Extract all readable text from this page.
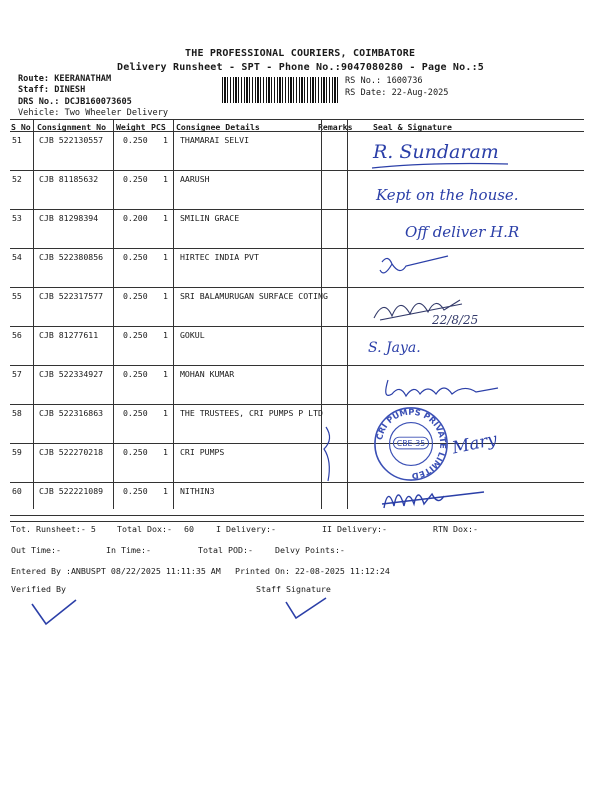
THE PROFESSIONAL COURIERS, COIMBATORE
Delivery Runsheet - SPT - Phone No.:9047080280 - Page No.:5
Route: KEERANATHAM
Staff: DINESH
DRS No.: DCJB160073605
Vehicle: Two Wheeler Delivery
RS No.: 1600736
RS Date: 22-Aug-2025
S No Consignment No Weight PCS Consignee Details	Remarks Seal & Signature
51 CJB 522130557 0.250 1 THAMARAI SELVI
52 CJB 81185632	0.250 1 AARUSH
53 CJB 81298394	0.200 1 SMILIN GRACE
54 CJB 522380856 0.250 1 HIRTEC INDIA PVT
55 CJB 522317577 0.250 1 SRI BALAMURUGAN SURFACE COTING
56 CJB 81277611	0.250 1 GOKUL
57 CJB 522334927 0.250 1 MOHAN KUMAR
58 CJB 522316863 0.250 1 THE TRUSTEES, CRI PUMPS P LTD
59 CJB 522270218 0.250 1 CRI PUMPS
60 CJB 522221089 0.250 1 NITHIN3
R. Sundaram
Kept on the house.
Off deliver H.R
22/8/25
S. Jaya.
CRI PUMPS PRIVATE LIMITED
CBE-35 Mary
Tot. Runsheet:- 5	Total Dox:- 60	I Delivery:-	II Delivery:-	RTN Dox:-
Out Time:-	In Time:-	Total POD:-	Delvy Points:-
Entered By :ANBUSPT 08/22/2025 11:11:35 AM Printed On: 22-08-2025 11:12:24
Verified By	Staff Signature
